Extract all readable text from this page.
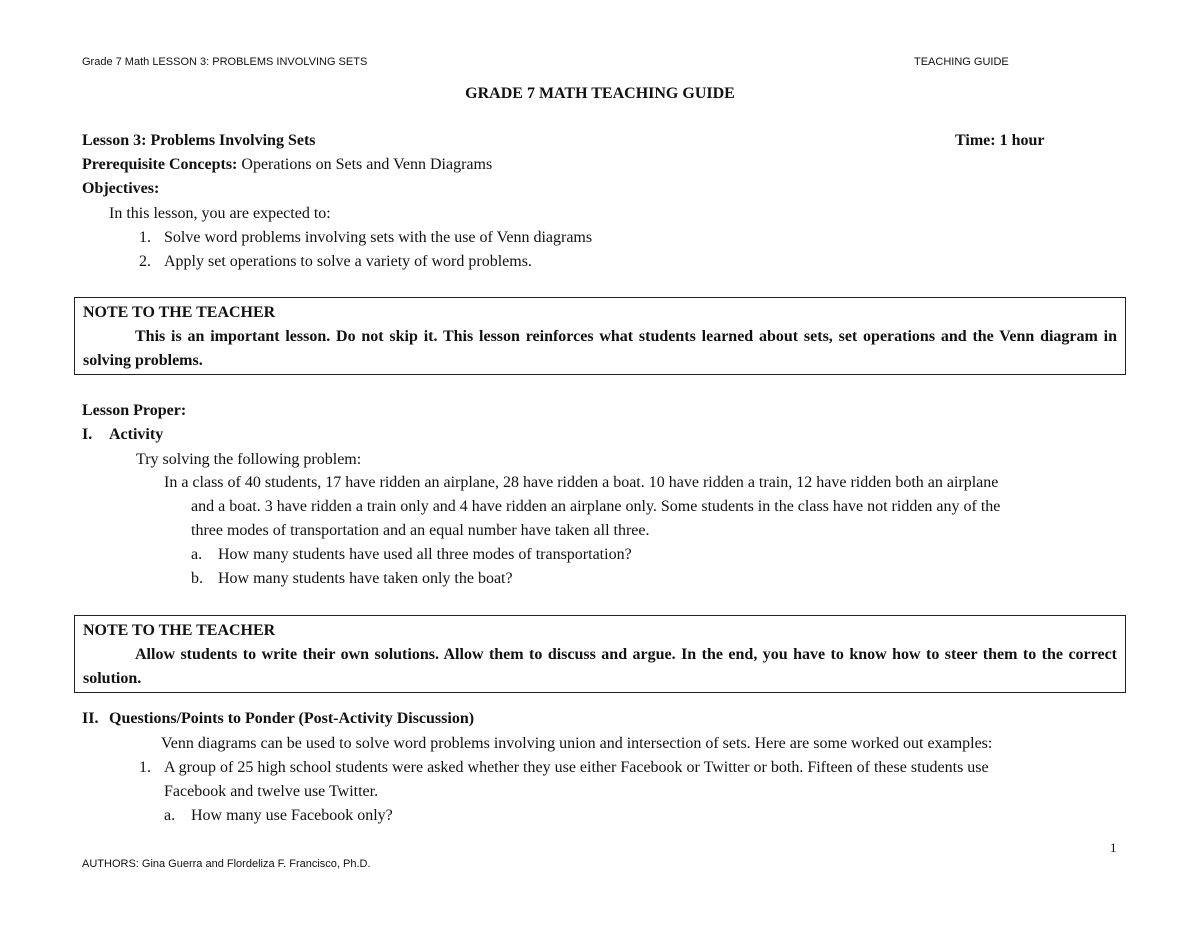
Grade 7 Math LESSON 3: PROBLEMS INVOLVING SETS	TEACHING GUIDE
GRADE 7 MATH TEACHING GUIDE
Lesson 3: Problems Involving Sets	Time: 1 hour
Prerequisite Concepts: Operations on Sets and Venn Diagrams
Objectives:
In this lesson, you are expected to:
1. Solve word problems involving sets with the use of Venn diagrams
2. Apply set operations to solve a variety of word problems.
NOTE TO THE TEACHER
This is an important lesson. Do not skip it. This lesson reinforces what students learned about sets, set operations and the Venn diagram in solving problems.
Lesson Proper:
I. Activity
Try solving the following problem:
In a class of 40 students, 17 have ridden an airplane, 28 have ridden a boat. 10 have ridden a train, 12 have ridden both an airplane
and a boat. 3 have ridden a train only and 4 have ridden an airplane only. Some students in the class have not ridden any of the
three modes of transportation and an equal number have taken all three.
a. How many students have used all three modes of transportation?
b. How many students have taken only the boat?
NOTE TO THE TEACHER
Allow students to write their own solutions. Allow them to discuss and argue. In the end, you have to know how to steer them to the correct solution.
II. Questions/Points to Ponder (Post-Activity Discussion)
Venn diagrams can be used to solve word problems involving union and intersection of sets. Here are some worked out examples:
1. A group of 25 high school students were asked whether they use either Facebook or Twitter or both. Fifteen of these students use
Facebook and twelve use Twitter.
a. How many use Facebook only?
1
AUTHORS: Gina Guerra and Flordeliza F. Francisco, Ph.D.
